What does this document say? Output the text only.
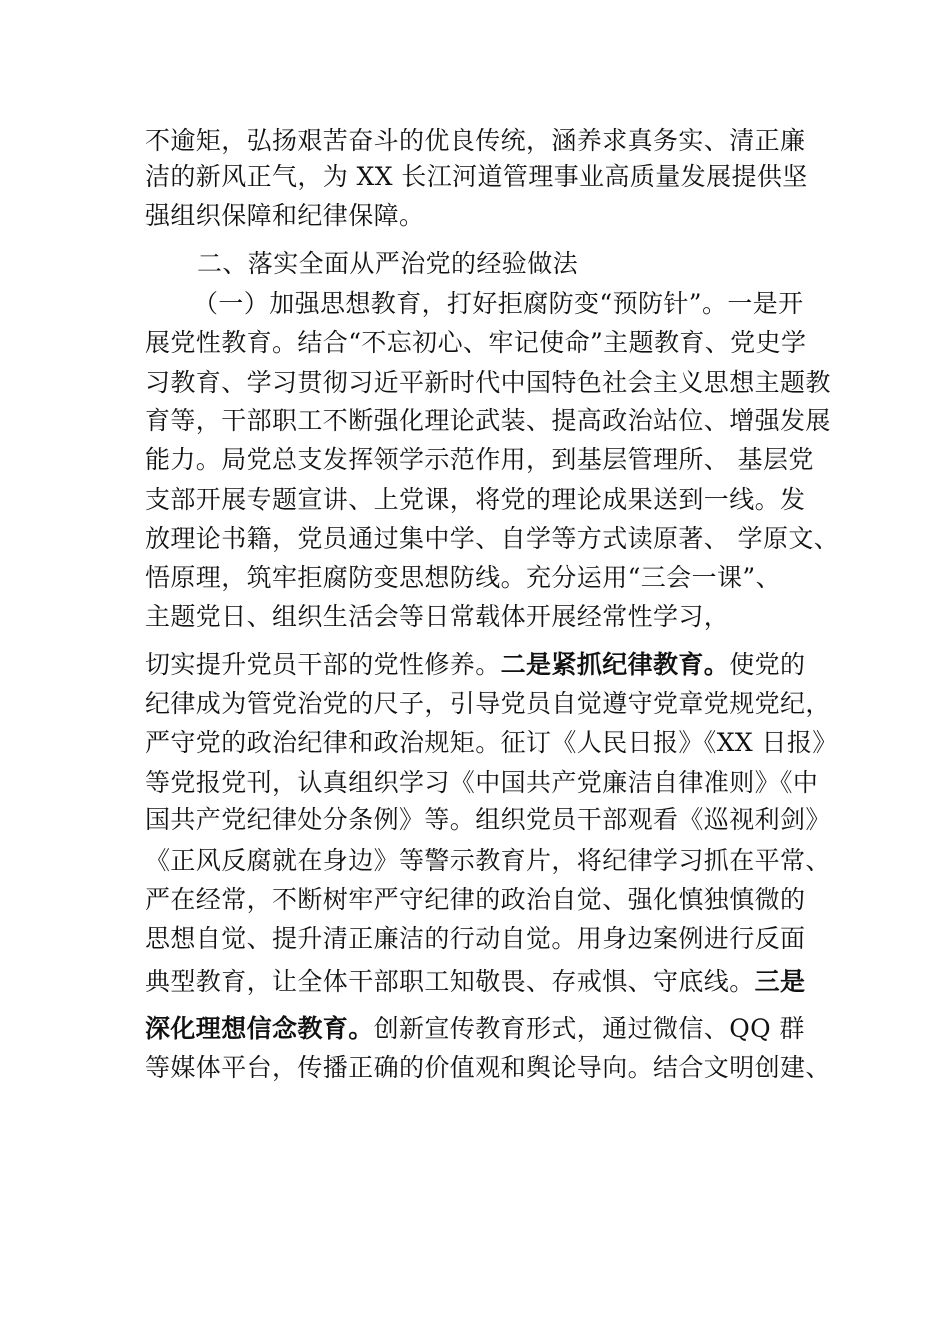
不逾矩，弘扬艰苦奋斗的优良传统，涵养求真务实、清正廉
洁的新风正气，为 XX 长江河道管理事业高质量发展提供坚
强组织保障和纪律保障。
二、落实全面从严治党的经验做法
（一）加强思想教育，打好拒腐防变“预防针”。一是开
展党性教育。结合“不忘初心、牢记使命”主题教育、党史学
习教育、学习贯彻习近平新时代中国特色社会主义思想主题教
育等，干部职工不断强化理论武装、提高政治站位、增强发展
能力。局党总支发挥领学示范作用，到基层管理所、 基层党
支部开展专题宣讲、上党课，将党的理论成果送到一线。发
放理论书籍，党员通过集中学、自学等方式读原著、 学原文、
悟原理，筑牢拒腐防变思想防线。充分运用“三会一课”、
主题党日、组织生活会等日常载体开展经常性学习，
切实提升党员干部的党性修养。二是紧抓纪律教育。使党的
纪律成为管党治党的尺子，引导党员自觉遵守党章党规党纪，
严守党的政治纪律和政治规矩。征订《人民日报》《XX 日报》
等党报党刊，认真组织学习《中国共产党廉洁自律准则》《中
国共产党纪律处分条例》等。组织党员干部观看《巡视利剑》
《正风反腐就在身边》等警示教育片，将纪律学习抓在平常、
严在经常，不断树牢严守纪律的政治自觉、强化慎独慎微的
思想自觉、提升清正廉洁的行动自觉。用身边案例进行反面
典型教育，让全体干部职工知敬畏、存戒惧、守底线。三是
深化理想信念教育。创新宣传教育形式，通过微信、QQ 群
等媒体平台，传播正确的价值观和舆论导向。结合文明创建、
